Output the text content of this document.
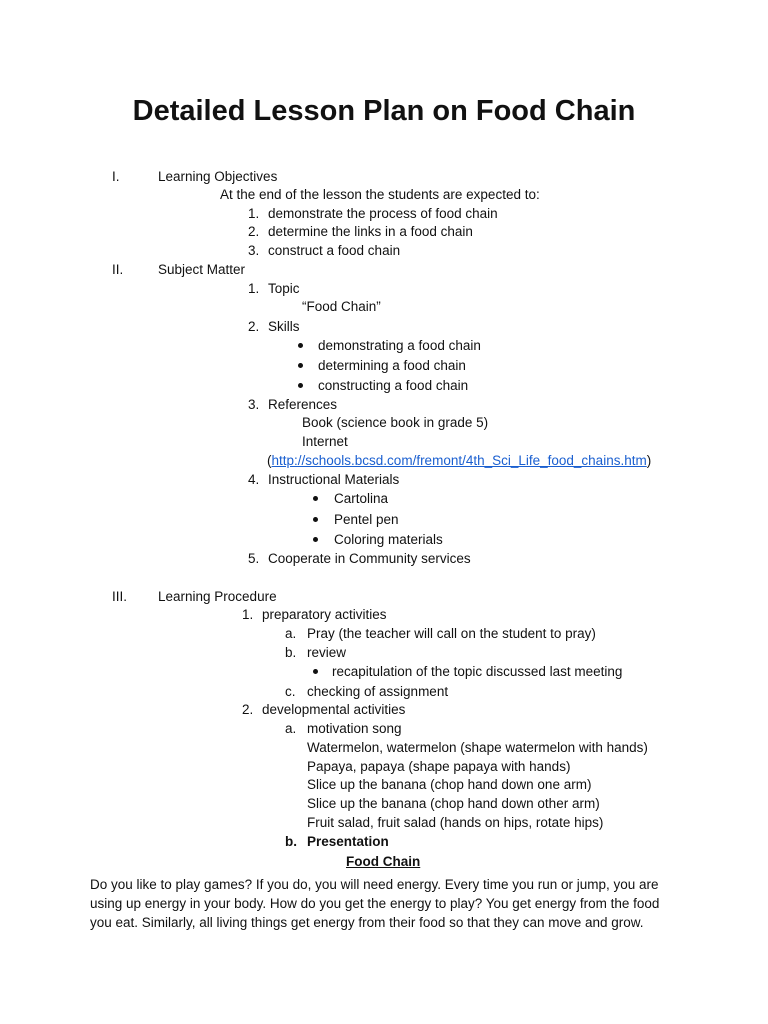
Detailed Lesson Plan on Food Chain
I.	Learning Objectives
At the end of the lesson the students are expected to:
1. demonstrate the process of food chain
2. determine the links in a food chain
3. construct a food chain
II.	Subject Matter
1. Topic
“Food Chain”
2. Skills
demonstrating a food chain
determining a food chain
constructing a food chain
3. References
Book (science book in grade 5)
Internet
(http://schools.bcsd.com/fremont/4th_Sci_Life_food_chains.htm)
4. Instructional Materials
Cartolina
Pentel pen
Coloring materials
5. Cooperate in Community services
III. Learning Procedure
1. preparatory activities
a. Pray (the teacher will call on the student to pray)
b. review
recapitulation of the topic discussed last meeting
c. checking of assignment
2. developmental activities
a. motivation song
Watermelon, watermelon (shape watermelon with hands)
Papaya, papaya (shape papaya with hands)
Slice up the banana (chop hand down one arm)
Slice up the banana (chop hand down other arm)
Fruit salad, fruit salad (hands on hips, rotate hips)
b. Presentation
Food Chain
Do you like to play games? If you do, you will need energy. Every time you run or jump, you are using up energy in your body. How do you get the energy to play? You get energy from the food you eat. Similarly, all living things get energy from their food so that they can move and grow.
